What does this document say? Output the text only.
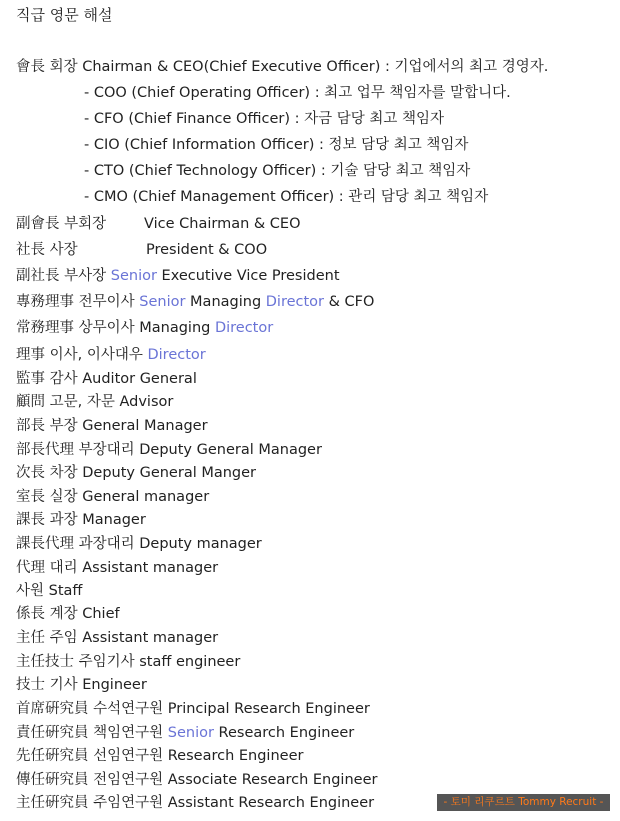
직급 영문 해설
會長 회장 Chairman & CEO(Chief Executive Officer) : 기업에서의 최고 경영자.
- COO (Chief Operating Officer) : 최고 업무 책임자를 말합니다.
- CFO (Chief Finance Officer) : 자금 담당 최고 책임자
- CIO (Chief Information Officer) : 정보 담당 최고 책임자
- CTO (Chief Technology Officer) : 기술 담당 최고 책임자
- CMO (Chief Management Officer) : 관리 담당 최고 책임자
副會長 부회장	Vice Chairman & CEO
社長 사장	President & COO
副社長 부사장 Senior Executive Vice President
專務理事 전무이사 Senior Managing Director & CFO
常務理事 상무이사 Managing Director
理事 이사, 이사대우 Director
監事 감사 Auditor General
顧問 고문, 자문 Advisor
部長 부장 General Manager
部長代理 부장대리 Deputy General Manager
次長 차장 Deputy General Manger
室長 실장 General manager
課長 과장 Manager
課長代理 과장대리 Deputy manager
代理 대리 Assistant manager
사원 Staff
係長 계장 Chief
主任 주임 Assistant manager
主任技士 주임기사 staff engineer
技士 기사 Engineer
首席硏究員 수석연구원 Principal Research Engineer
責任硏究員 책임연구원 Senior Research Engineer
先任硏究員 선임연구원 Research Engineer
傳任硏究員 전임연구원 Associate Research Engineer
主任硏究員 주임연구원 Assistant Research Engineer	- 토미 리쿠르트 Tommy Recruit -
